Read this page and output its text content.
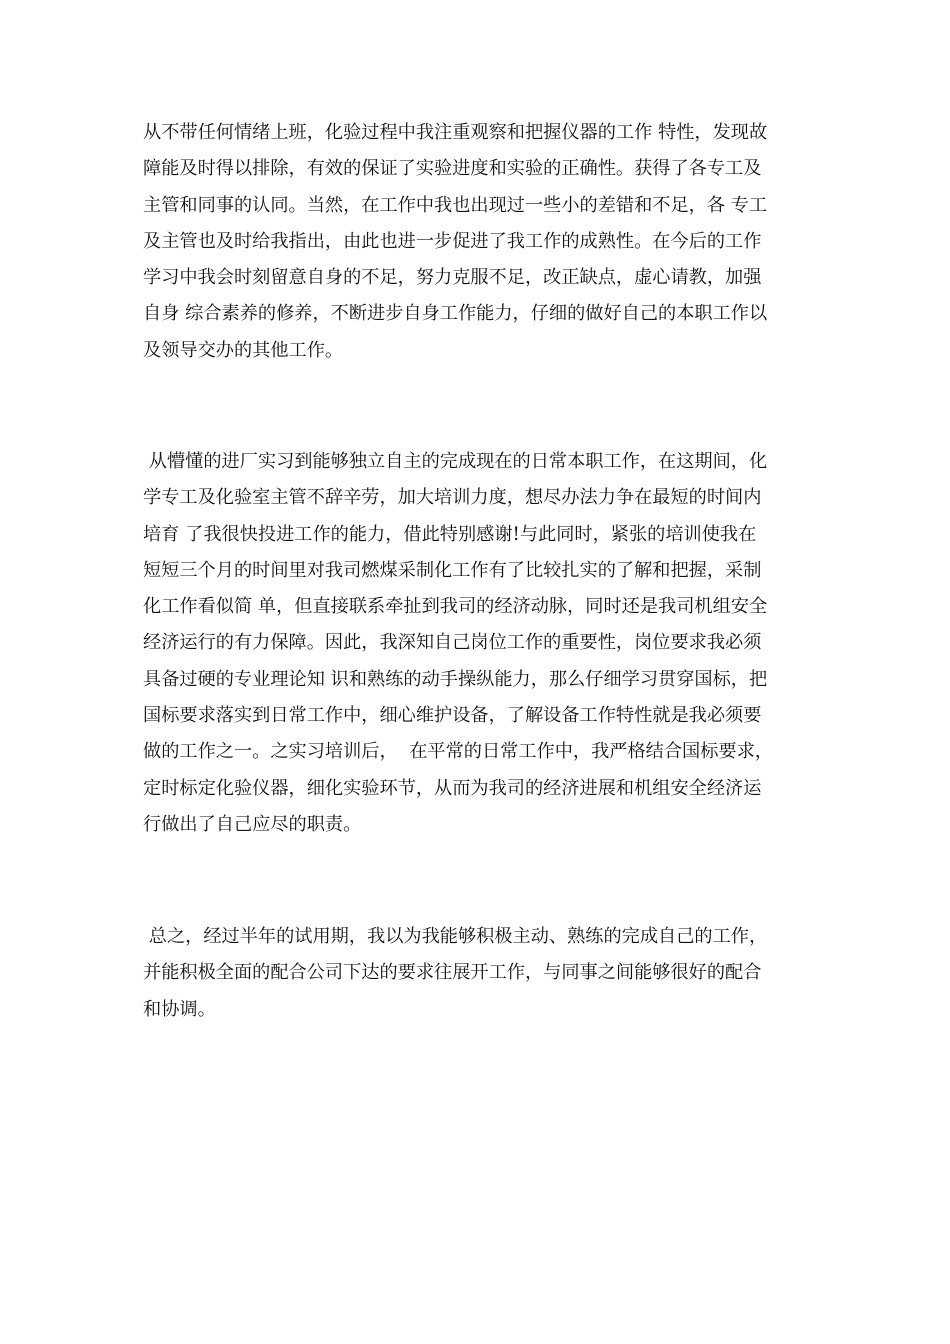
从不带任何情绪上班，化验过程中我注重观察和把握仪器的工作 特性，发现故
障能及时得以排除，有效的保证了实验进度和实验的正确性。获得了各专工及
主管和同事的认同。当然，在工作中我也出现过一些小的差错和不足，各 专工
及主管也及时给我指出，由此也进一步促进了我工作的成熟性。在今后的工作
学习中我会时刻留意自身的不足，努力克服不足，改正缺点，虚心请教，加强
自身 综合素养的修养，不断进步自身工作能力，仔细的做好自己的本职工作以
及领导交办的其他工作。
从懵懂的进厂实习到能够独立自主的完成现在的日常本职工作，在这期间，化
学专工及化验室主管不辞辛劳，加大培训力度，想尽办法力争在最短的时间内
培育 了我很快投进工作的能力，借此特别感谢!与此同时，紧张的培训使我在
短短三个月的时间里对我司燃煤采制化工作有了比较扎实的了解和把握，采制
化工作看似简 单，但直接联系牵扯到我司的经济动脉，同时还是我司机组安全
经济运行的有力保障。因此，我深知自己岗位工作的重要性，岗位要求我必须
具备过硬的专业理论知 识和熟练的动手操纵能力，那么仔细学习贯穿国标，把
国标要求落实到日常工作中，细心维护设备，了解设备工作特性就是我必须要
做的工作之一。之实习培训后，  在平常的日常工作中，我严格结合国标要求，
定时标定化验仪器，细化实验环节，从而为我司的经济进展和机组安全经济运
行做出了自己应尽的职责。
总之，经过半年的试用期，我以为我能够积极主动、熟练的完成自己的工作，
并能积极全面的配合公司下达的要求往展开工作，与同事之间能够很好的配合
和协调。
